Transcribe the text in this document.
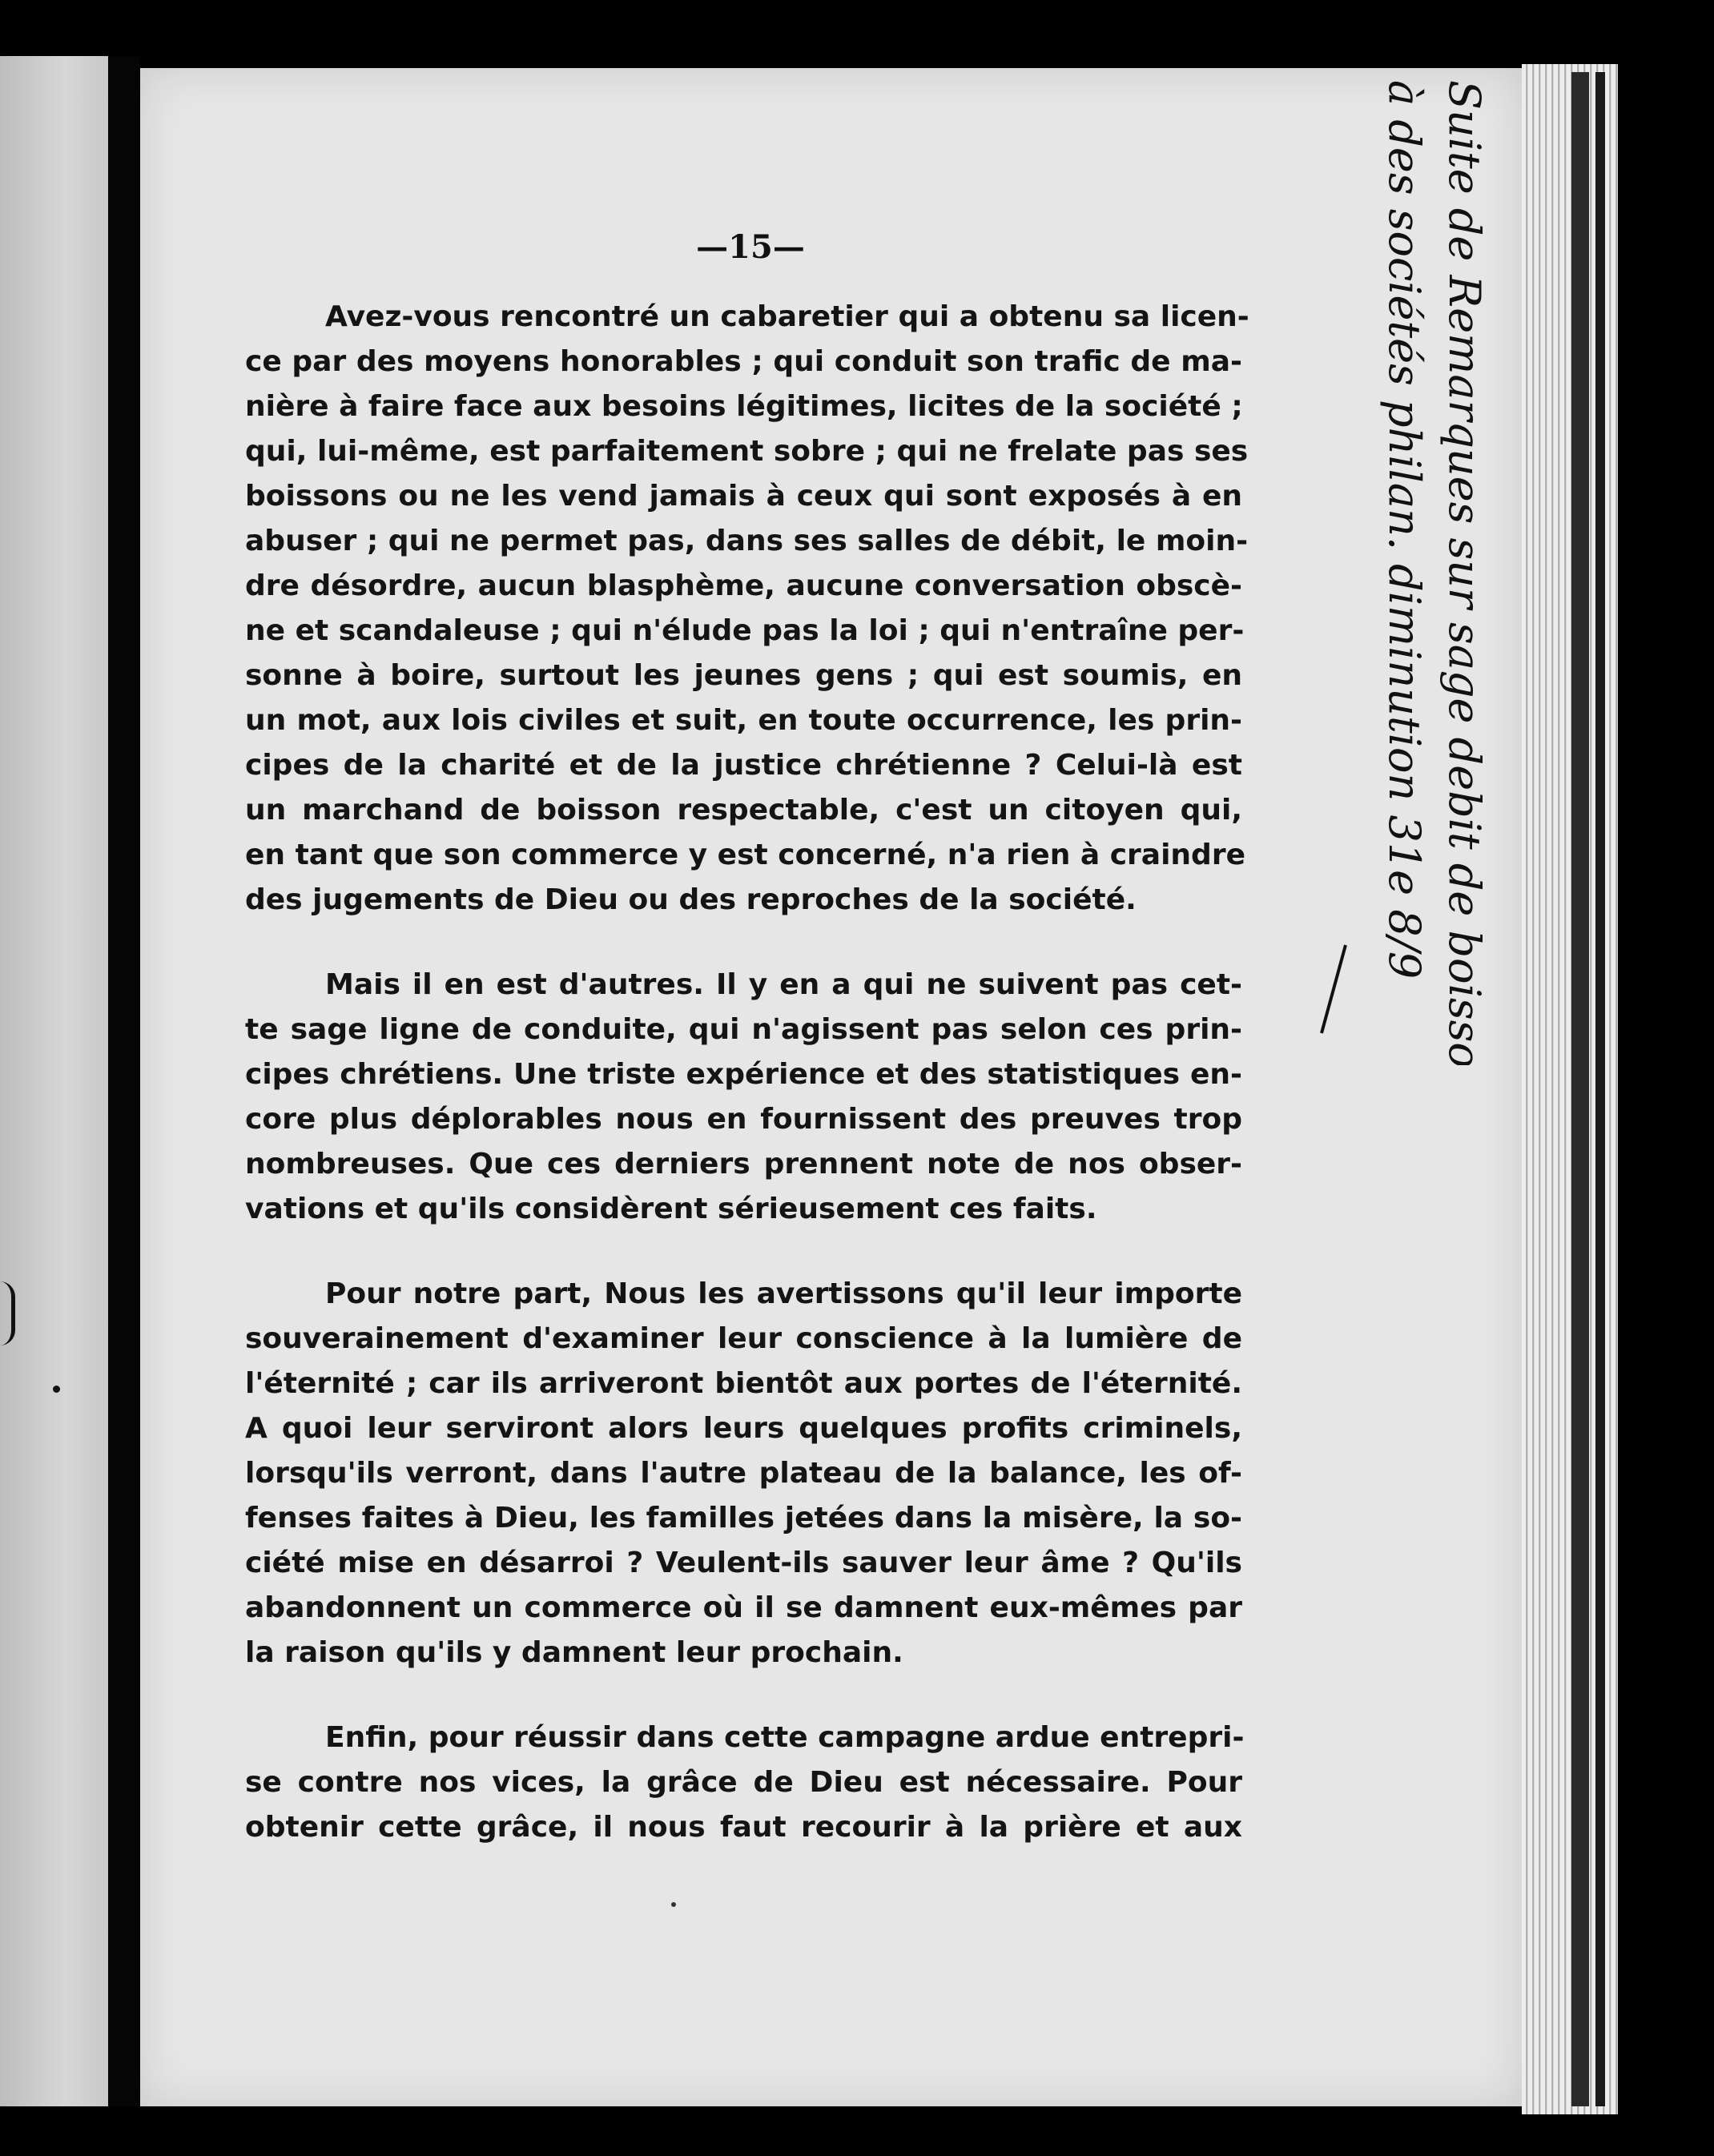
—15—
Avez-vous rencontré un cabaretier qui a obtenu sa licen-
ce par des moyens honorables ; qui conduit son trafic de ma-
nière à faire face aux besoins légitimes, licites de la société ;
qui, lui-même, est parfaitement sobre ; qui ne frelate pas ses
boissons ou ne les vend jamais à ceux qui sont exposés à en
abuser ; qui ne permet pas, dans ses salles de débit, le moin-
dre désordre, aucun blasphème, aucune conversation obscè-
ne et scandaleuse ; qui n'élude pas la loi ; qui n'entraîne per-
sonne à boire, surtout les jeunes gens ; qui est soumis, en
un mot, aux lois civiles et suit, en toute occurrence, les prin-
cipes de la charité et de la justice chrétienne ? Celui-là est
un marchand de boisson respectable, c'est un citoyen qui,
en tant que son commerce y est concerné, n'a rien à craindre
des jugements de Dieu ou des reproches de la société.
Mais il en est d'autres. Il y en a qui ne suivent pas cet-
te sage ligne de conduite, qui n'agissent pas selon ces prin-
cipes chrétiens. Une triste expérience et des statistiques en-
core plus déplorables nous en fournissent des preuves trop
nombreuses. Que ces derniers prennent note de nos obser-
vations et qu'ils considèrent sérieusement ces faits.
Pour notre part, Nous les avertissons qu'il leur importe
souverainement d'examiner leur conscience à la lumière de
l'éternité ; car ils arriveront bientôt aux portes de l'éternité.
A quoi leur serviront alors leurs quelques profits criminels,
lorsqu'ils verront, dans l'autre plateau de la balance, les of-
fenses faites à Dieu, les familles jetées dans la misère, la so-
ciété mise en désarroi ? Veulent-ils sauver leur âme ? Qu'ils
abandonnent un commerce où il se damnent eux-mêmes par
la raison qu'ils y damnent leur prochain.
Enfin, pour réussir dans cette campagne ardue entrepri-
se contre nos vices, la grâce de Dieu est nécessaire. Pour
obtenir cette grâce, il nous faut recourir à la prière et aux
Suite de Remarques sur sage debit de boissons
à des sociétés philan. diminution 31e 8/9
